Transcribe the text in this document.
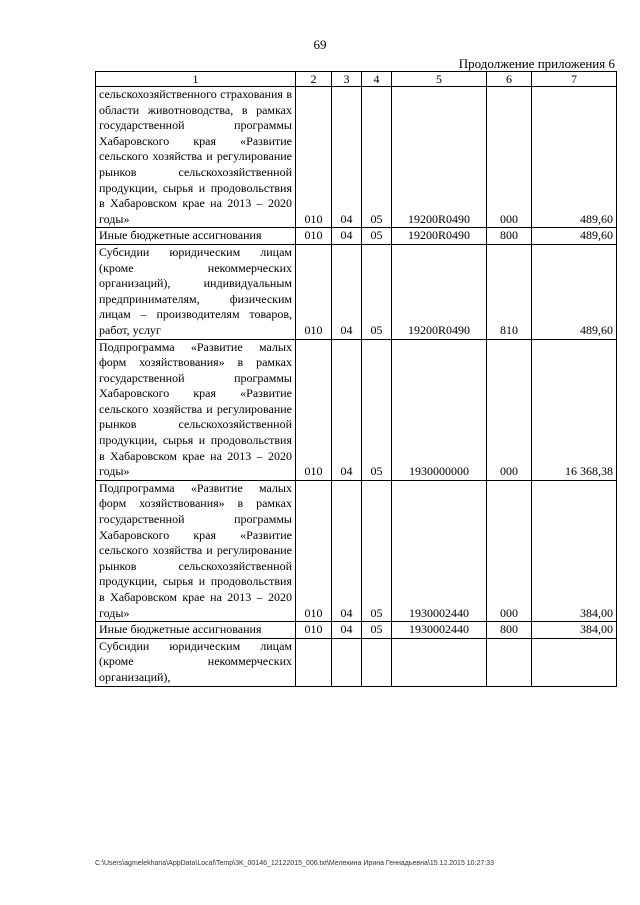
69
Продолжение приложения 6
1	2	3	4	5	6	7
сельскохозяйственного страхования в области животноводства, в рамках государственной программы Хабаровского края «Развитие сельского хозяйства и регулирование рынков сельскохозяйственной продукции, сырья и продовольствия в Хабаровском крае на 2013 – 2020 годы»	010	04	05	19200R0490	000	489,60
Иные бюджетные ассигнования	010	04	05	19200R0490	800	489,60
Субсидии юридическим лицам (кроме некоммерческих организаций), индивидуальным предпринимателям, физическим лицам – производителям товаров, работ, услуг	010	04	05	19200R0490	810	489,60
Подпрограмма «Развитие малых форм хозяйствования» в рамках государственной программы Хабаровского края «Развитие сельского хозяйства и регулирование рынков сельскохозяйственной продукции, сырья и продовольствия в Хабаровском крае на 2013 – 2020 годы»	010	04	05	1930000000	000	16 368,38
Подпрограмма «Развитие малых форм хозяйствования» в рамках государственной программы Хабаровского края «Развитие сельского хозяйства и регулирование рынков сельскохозяйственной продукции, сырья и продовольствия в Хабаровском крае на 2013 – 2020 годы»	010	04	05	1930002440	000	384,00
Иные бюджетные ассигнования	010	04	05	1930002440	800	384,00
Субсидии юридическим лицам (кроме некоммерческих организаций),						
C:\Users\agmelekhana\AppData\Local\Temp\3K_00146_12122015_006.txt\Мелехина Ирина Геннадьевна\15.12.2015 10:27:33
